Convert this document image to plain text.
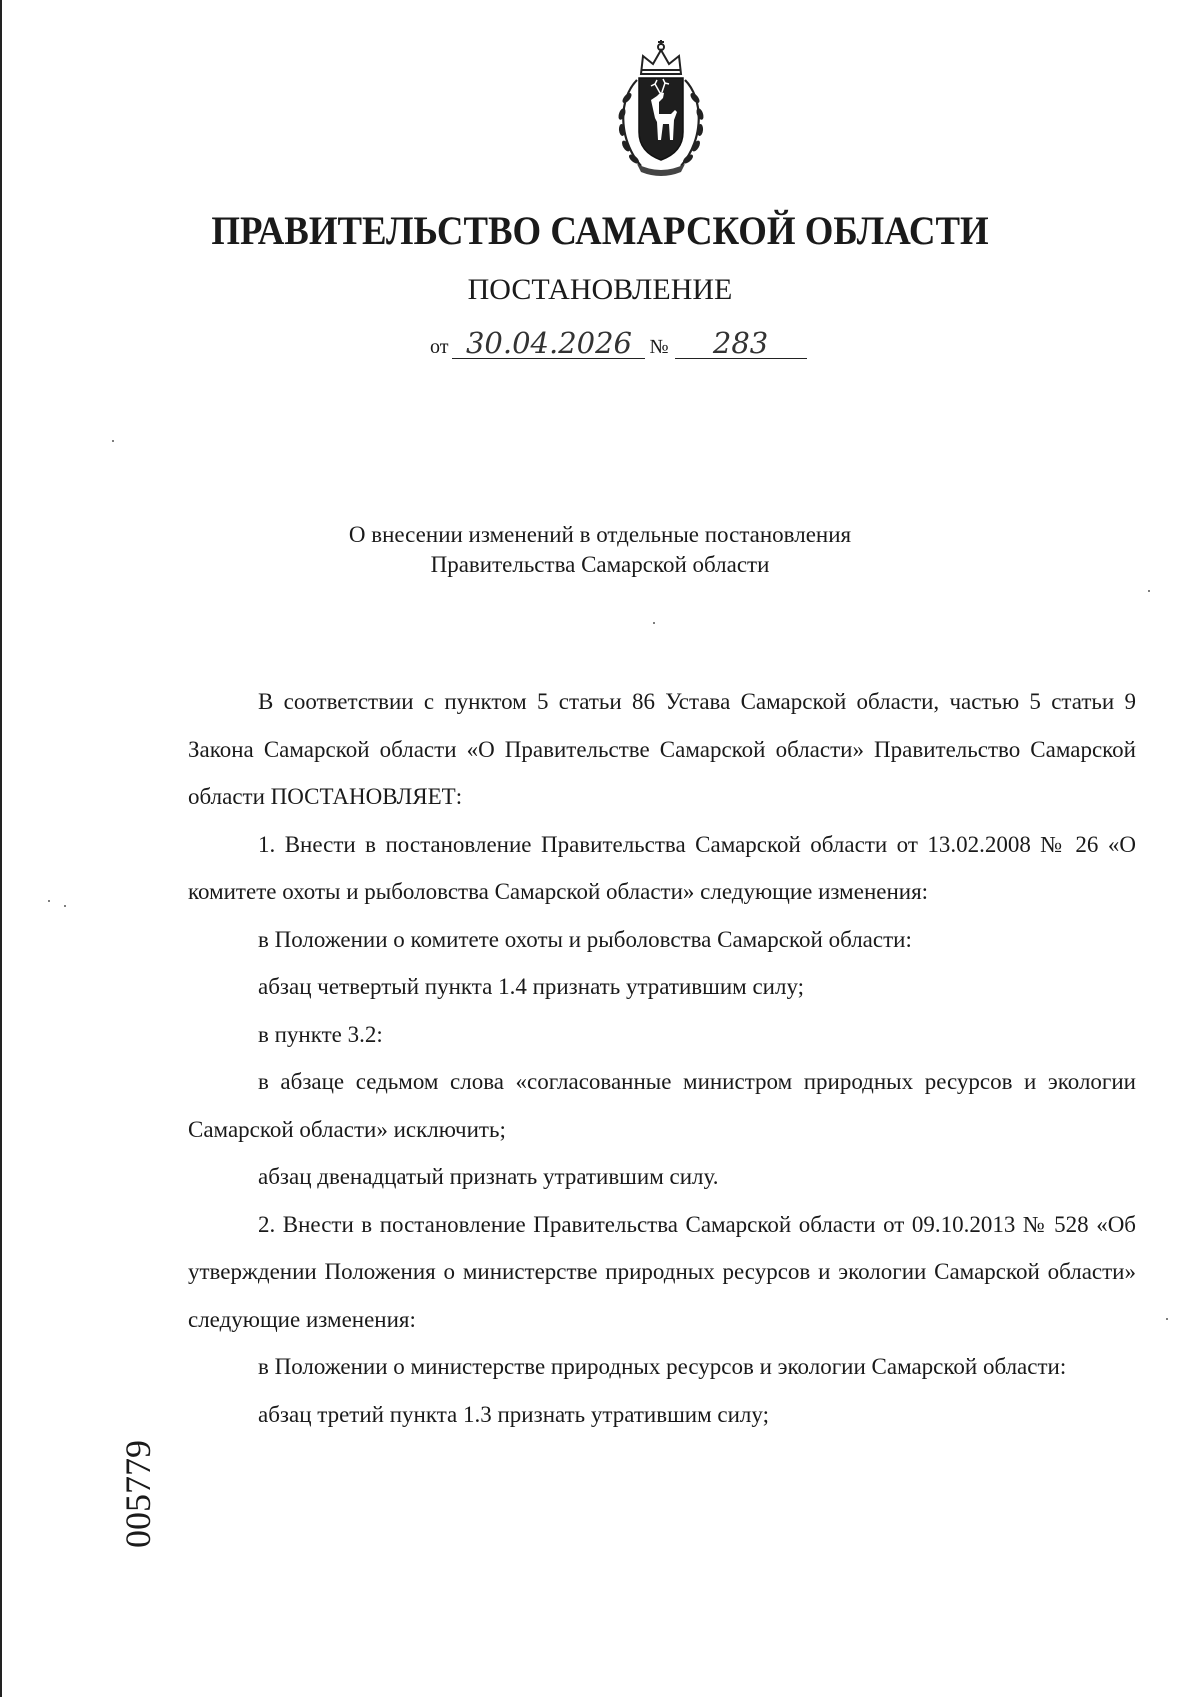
ПРАВИТЕЛЬСТВО САМАРСКОЙ ОБЛАСТИ
ПОСТАНОВЛЕНИЕ
от 30.04.2026 № 283
О внесении изменений в отдельные постановления
Правительства Самарской области

В соответствии с пунктом 5 статьи 86 Устава Самарской области, частью 5 статьи 9 Закона Самарской области «О Правительстве Самарской области» Правительство Самарской области ПОСТАНОВЛЯЕТ:

1. Внести в постановление Правительства Самарской области от 13.02.2008 № 26 «О комитете охоты и рыболовства Самарской области» следующие изменения:

в Положении о комитете охоты и рыболовства Самарской области:

абзац четвертый пункта 1.4 признать утратившим силу;

в пункте 3.2:

в абзаце седьмом слова «согласованные министром природных ресурсов и экологии Самарской области» исключить;

абзац двенадцатый признать утратившим силу.

2. Внести в постановление Правительства Самарской области от 09.10.2013 № 528 «Об утверждении Положения о министерстве природных ресурсов и экологии Самарской области» следующие изменения:

в Положении о министерстве природных ресурсов и экологии Самарской области:

абзац третий пункта 1.3 признать утратившим силу;

005779
